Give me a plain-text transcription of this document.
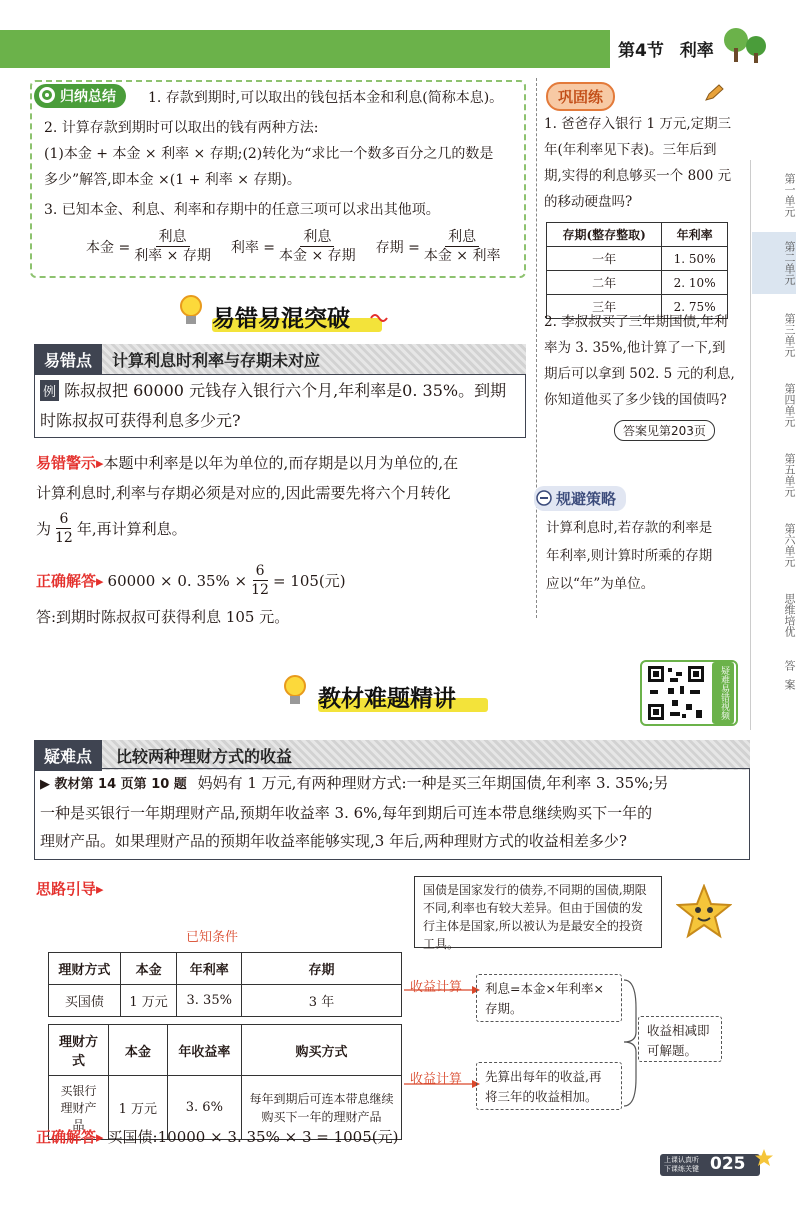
第4节 利率
归纳总结	1. 存款到期时,可以取出的钱包括本金和利息(简称本息)。
2. 计算存款到期时可以取出的钱有两种方法:
(1)本金 + 本金 × 利率 × 存期;(2)转化为“求比一个数多百分之几的数是
多少”解答,即本金 ×(1 + 利率 × 存期)。
3. 已知本金、利息、利率和存期中的任意三项可以求出其他项。
本金 = $\frac{\text{利息}}{\text{利率 × 存期}}$ 利率 = $\frac{\text{利息}}{\text{本金 × 存期}}$ 存期 = $\frac{\text{利息}}{\text{本金 × 利率}}$
易错易混突破
易错点	计算利息时利率与存期未对应
例 陈叔叔把 60000 元钱存入银行六个月,年利率是0. 35%。到期
时陈叔叔可获得利息多少元?
易错警示▸本题中利率是以年为单位的,而存期是以月为单位的,在
计算利息时,利率与存期必须是对应的,因此需要先将六个月转化
为 $\frac{6}{12}$ 年,再计算利息。
正确解答 ▸ 60000 × 0. $35\% \times \frac{6}{12} = 105$(元)
答:到期时陈叔叔可获得利息 105 元。
巩固练
1. 爸爸存入银行 1 万元,定期三
年(年利率见下表)。三年后到
期,实得的利息够买一个 800 元
的移动硬盘吗?
存期(整存整取)	年利率
一年	1. 50%
二年	2. 10%
三年	2. 75%
2. 李叔叔买了三年期国债,年利
率为 3. 35%,他计算了一下,到
期后可以拿到 502. 5 元的利息,
你知道他买了多少钱的国债吗?
答案见第203页
规避策略
计算利息时,若存款的利率是
年利率,则计算时所乘的存期
应以“年”为单位。
第一单元
第二单元
第三单元
第四单元
第五单元
第六单元
思维培优
答案
疑难易错视频讲解
教材难题精讲
疑难点	比较两种理财方式的收益
▶ 教材第 14 页第 10 题 妈妈有 1 万元,有两种理财方式:一种是买三年期国债,年利率 3. 35%;另
一种是买银行一年期理财产品,预期年收益率 3. 6%,每年到期后可连本带息继续购买下一年的
理财产品。如果理财产品的预期年收益率能够实现,3 年后,两种理财方式的收益相差多少?
思路引导▸	国债是国家发行的债券,不同期的国债,期限不同,利率也有较大差异。但由于国债的发行主体是国家,所以被认为是最安全的投资工具。
已知条件
理财方式	本金	年利率	存期
买国债	1 万元	3. 35%	3 年
理财方式	本金	年收益率	购买方式
买银行理财产品	1 万元	3. 6%	每年到期后可连本带息继续购买下一年的理财产品
收益计算
收益计算
利息=本金×年利率×存期。
先算出每年的收益,再将三年的收益相加。
收益相减即可解题。
正确解答▸ 买国债:10000 × 3. 35% × 3 = 1005(元)
上课认真听 下课练关键 025
